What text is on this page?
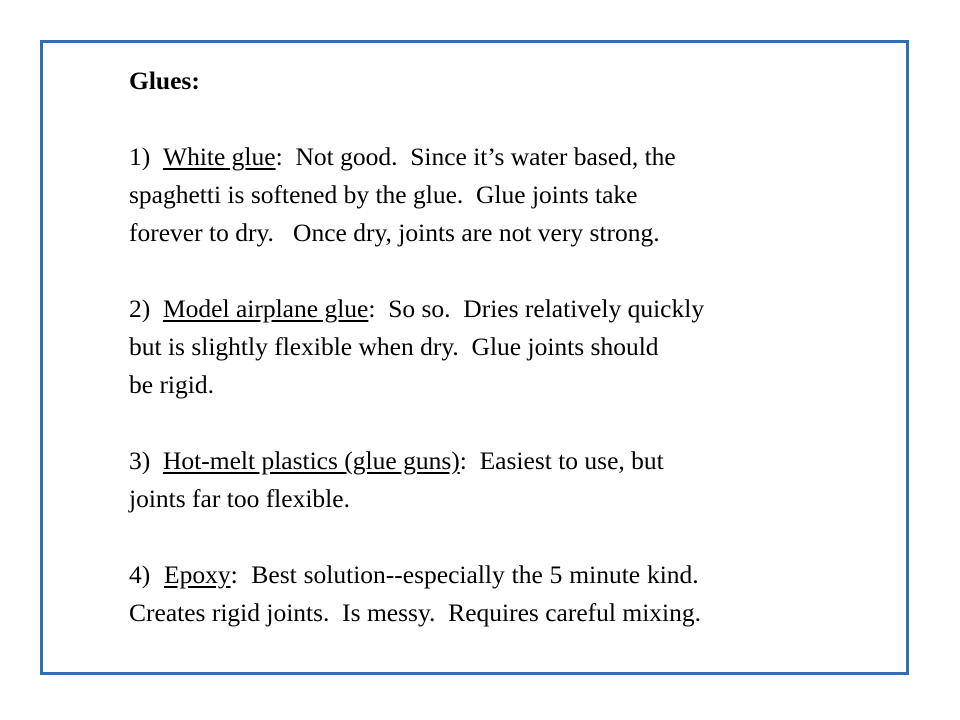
Glues:

1) White glue:  Not good.  Since it’s water based, the

spaghetti is softened by the glue.  Glue joints take

forever to dry.   Once dry, joints are not very strong.

2) Model airplane glue:  So so.  Dries relatively quickly

but is slightly flexible when dry.  Glue joints should

be rigid.

3) Hot-melt plastics (glue guns):  Easiest to use, but

joints far too flexible.

4) Epoxy:  Best solution--especially the 5 minute kind.

Creates rigid joints.  Is messy.  Requires careful mixing.
